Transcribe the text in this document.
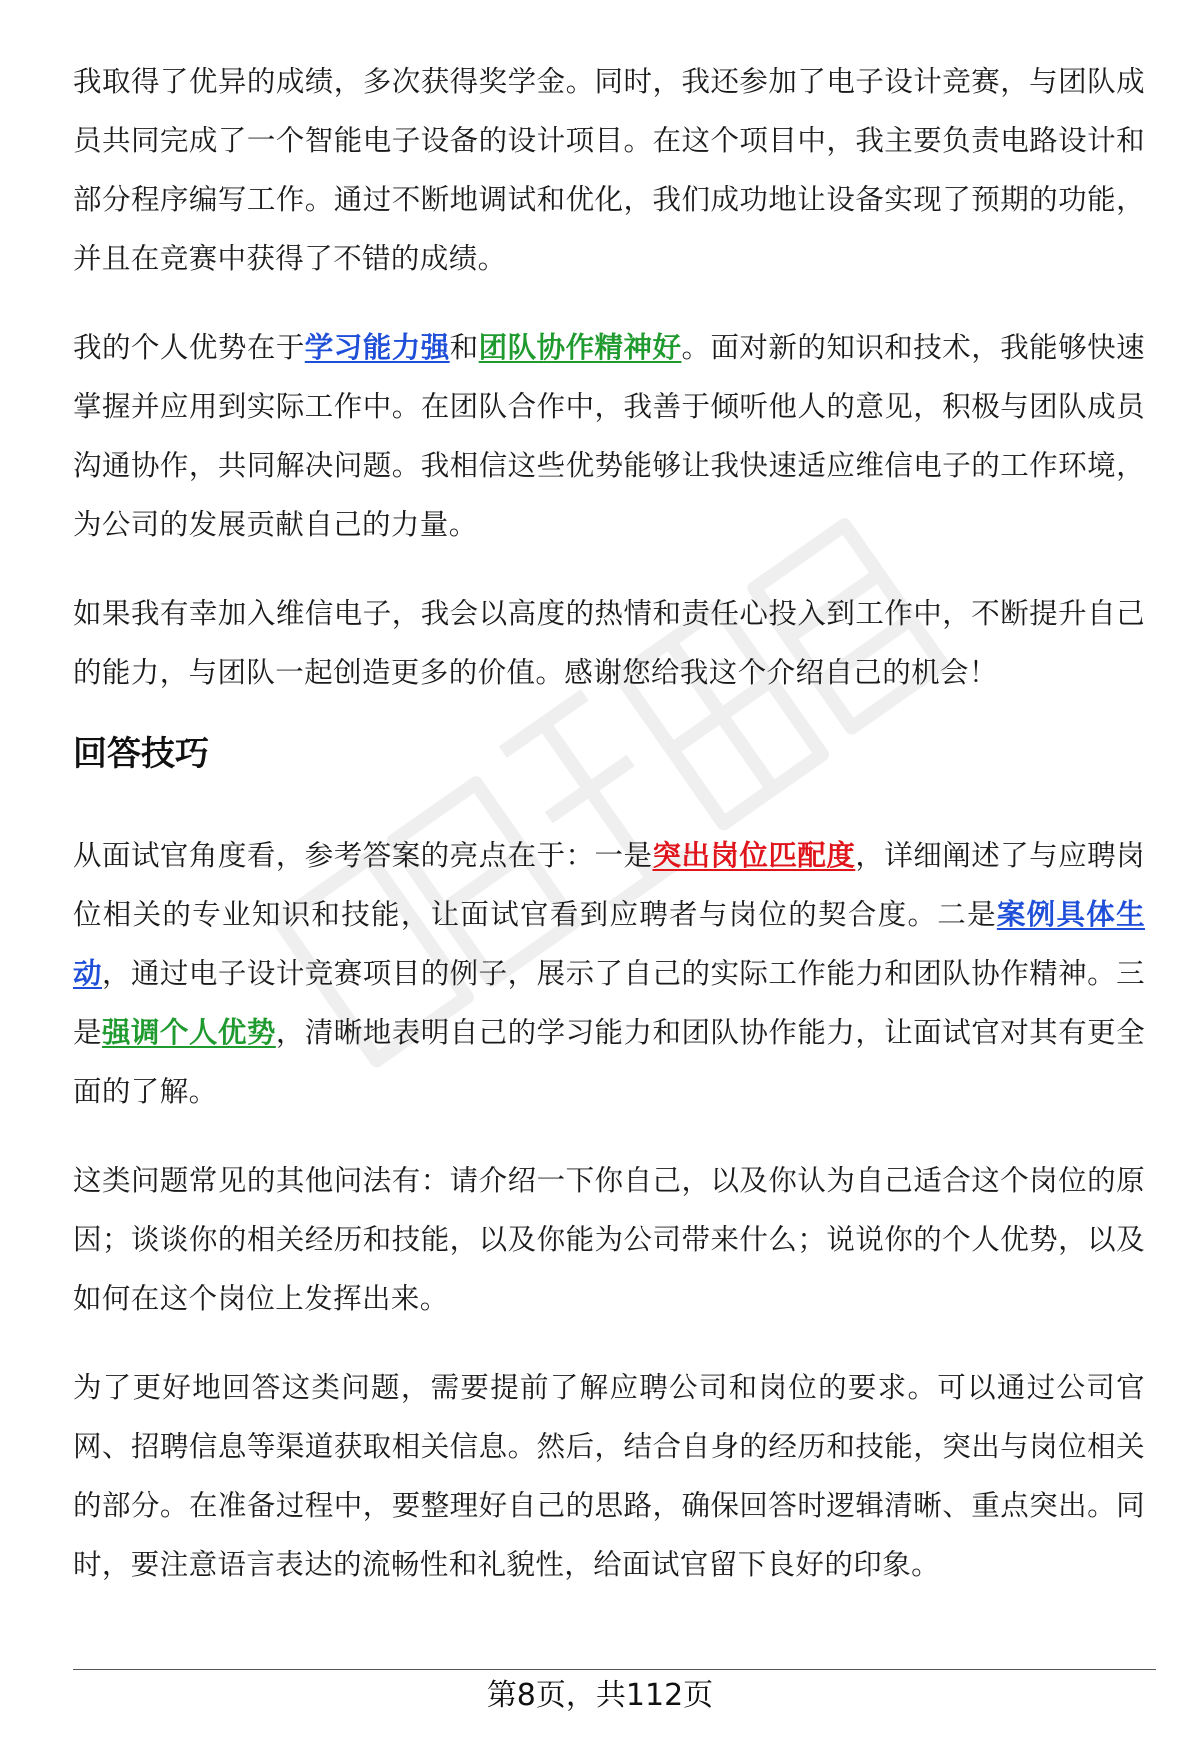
我取得了优异的成绩，多次获得奖学金。同时，我还参加了电子设计竞赛，与团队成员共同完成了一个智能电子设备的设计项目。在这个项目中，我主要负责电路设计和部分程序编写工作。通过不断地调试和优化，我们成功地让设备实现了预期的功能，并且在竞赛中获得了不错的成绩。

我的个人优势在于学习能力强和团队协作精神好。面对新的知识和技术，我能够快速掌握并应用到实际工作中。在团队合作中，我善于倾听他人的意见，积极与团队成员沟通协作，共同解决问题。我相信这些优势能够让我快速适应维信电子的工作环境，为公司的发展贡献自己的力量。

如果我有幸加入维信电子，我会以高度的热情和责任心投入到工作中，不断提升自己的能力，与团队一起创造更多的价值。感谢您给我这个介绍自己的机会！

回答技巧

从面试官角度看，参考答案的亮点在于：一是突出岗位匹配度，详细阐述了与应聘岗位相关的专业知识和技能，让面试官看到应聘者与岗位的契合度。二是案例具体生动，通过电子设计竞赛项目的例子，展示了自己的实际工作能力和团队协作精神。三是强调个人优势，清晰地表明自己的学习能力和团队协作能力，让面试官对其有更全面的了解。

这类问题常见的其他问法有：请介绍一下你自己，以及你认为自己适合这个岗位的原因；谈谈你的相关经历和技能，以及你能为公司带来什么；说说你的个人优势，以及如何在这个岗位上发挥出来。

为了更好地回答这类问题，需要提前了解应聘公司和岗位的要求。可以通过公司官网、招聘信息等渠道获取相关信息。然后，结合自身的经历和技能，突出与岗位相关的部分。在准备过程中，要整理好自己的思路，确保回答时逻辑清晰、重点突出。同时，要注意语言表达的流畅性和礼貌性，给面试官留下良好的印象。

第8页，共112页
